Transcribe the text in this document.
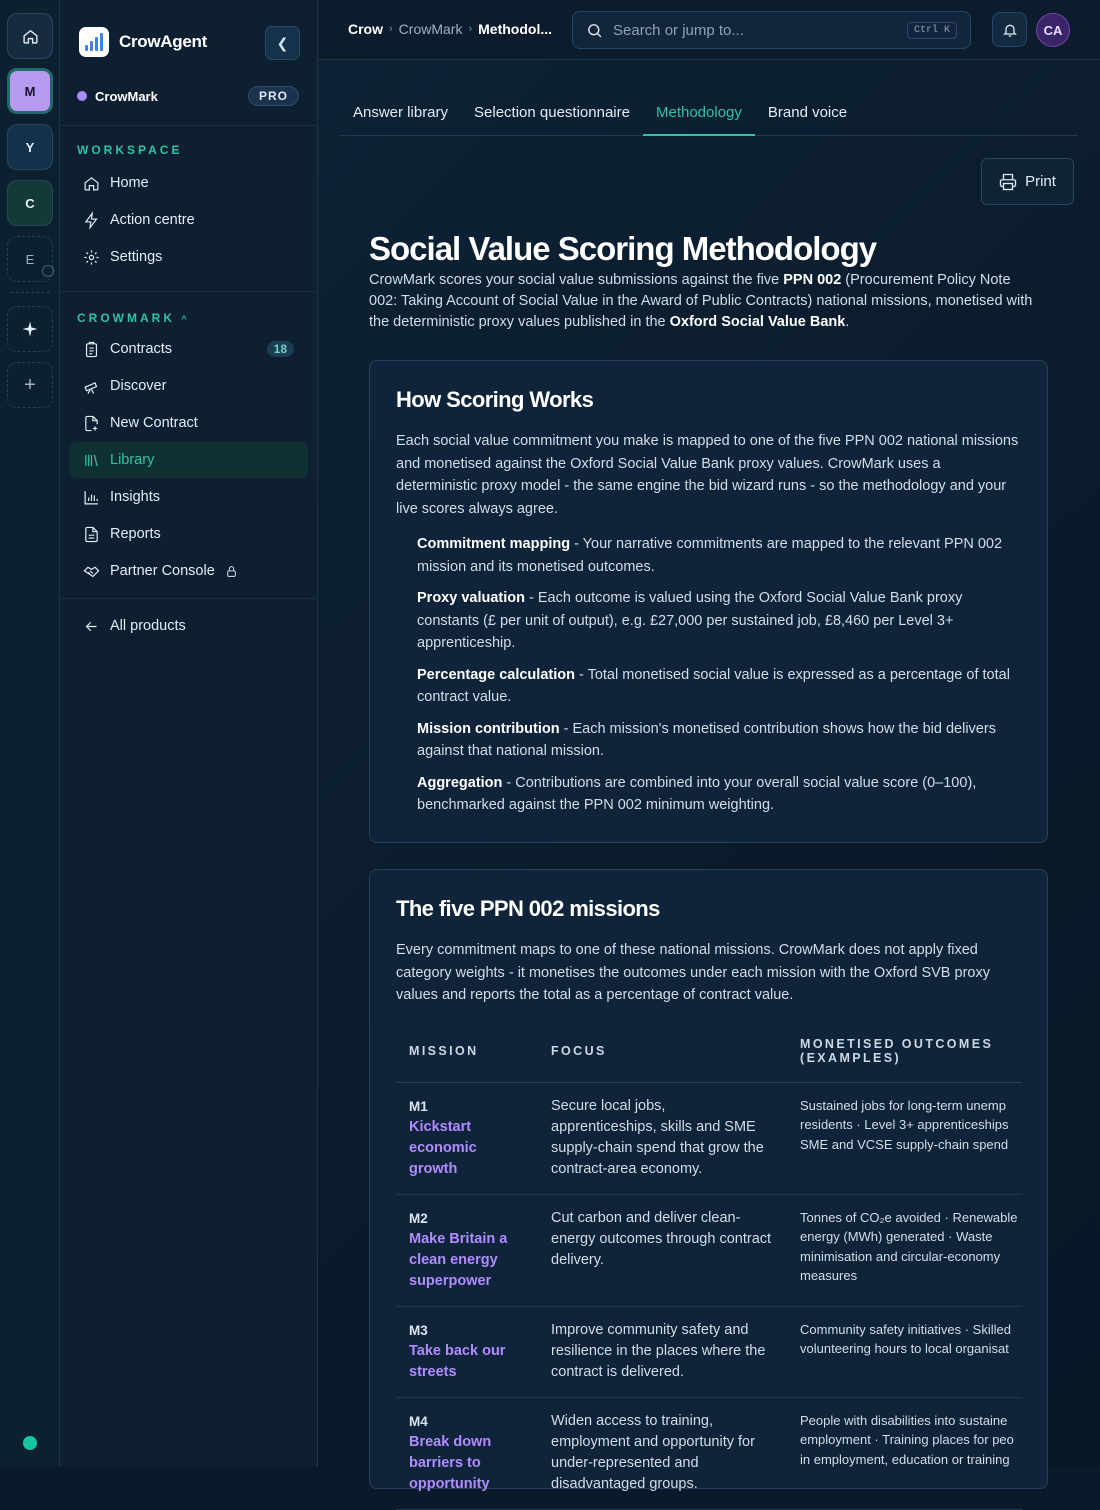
M
Y
C
E
+
CrowAgent	❮
CrowMark	PRO
WORKSPACE
Home
Action centre
Settings
CROWMARK ^
Contracts	18
Discover
New Contract
Library
Insights
Reports
Partner Console
All products
Crow › CrowMark › Methodol...
Search or jump to...	Ctrl K	CA
Answer library	Selection questionnaire	Methodology	Brand voice
Print
Social Value Scoring Methodology
CrowMark scores your social value submissions against the five PPN 002 (Procurement Policy Note 002: Taking Account of Social Value in the Award of Public Contracts) national missions, monetised with the deterministic proxy values published in the Oxford Social Value Bank.
How Scoring Works

Each social value commitment you make is mapped to one of the five PPN 002 national missions and monetised against the Oxford Social Value Bank proxy values. CrowMark uses a deterministic proxy model - the same engine the bid wizard runs - so the methodology and your live scores always agree.

Commitment mapping - Your narrative commitments are mapped to the relevant PPN 002 mission and its monetised outcomes.
Proxy valuation - Each outcome is valued using the Oxford Social Value Bank proxy constants (£ per unit of output), e.g. £27,000 per sustained job, £8,460 per Level 3+ apprenticeship.
Percentage calculation - Total monetised social value is expressed as a percentage of total contract value.
Mission contribution - Each mission's monetised contribution shows how the bid delivers against that national mission.
Aggregation - Contributions are combined into your overall social value score (0–100), benchmarked against the PPN 002 minimum weighting.
The five PPN 002 missions

Every commitment maps to one of these national missions. CrowMark does not apply fixed category weights - it monetises the outcomes under each mission with the Oxford SVB proxy values and reports the total as a percentage of contract value.

MISSION	FOCUS	MONETISED OUTCOMES (EXAMPLES)

M1
Kickstart economic growth	Secure local jobs, apprenticeships, skills and SME supply-chain spend that grow the contract-area economy.	Sustained jobs for long-term unemp
residents · Level 3+ apprenticeships
SME and VCSE supply-chain spend

M2
Make Britain a clean energy superpower	Cut carbon and deliver clean-energy outcomes through contract delivery.	Tonnes of CO₂e avoided · Renewable
energy (MWh) generated · Waste
minimisation and circular-economy
measures

M3
Take back our streets	Improve community safety and resilience in the places where the contract is delivered.	Community safety initiatives · Skilled
volunteering hours to local organisat

M4
Break down barriers to opportunity	Widen access to training, employment and opportunity for under-represented and disadvantaged groups.	People with disabilities into sustaine
employment · Training places for peo
in employment, education or training
